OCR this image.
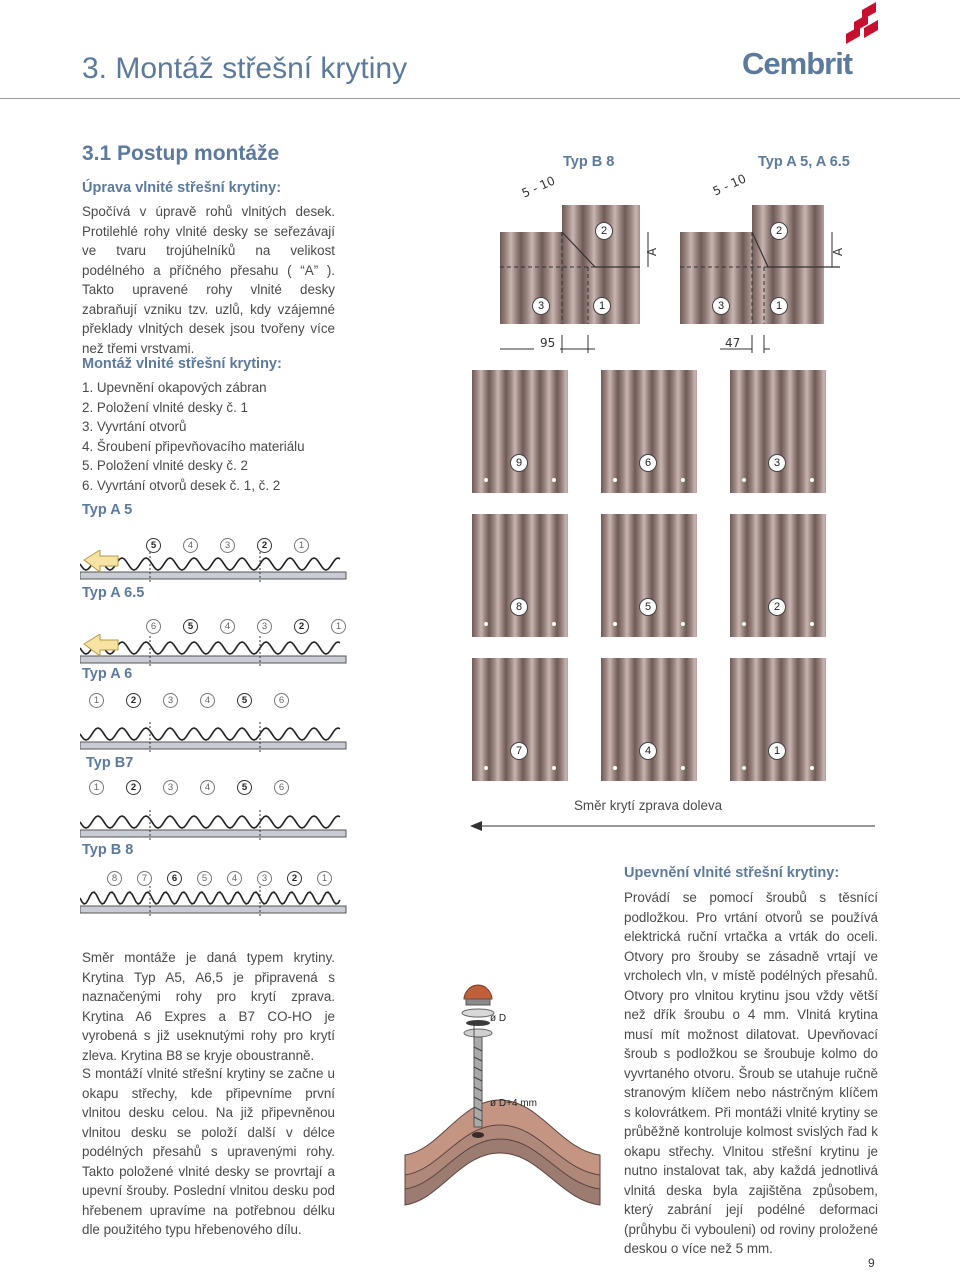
3. Montáž střešní krytiny	Cembrit
3.1 Postup montáže
Úprava vlnité střešní krytiny:
Spočívá v úpravě rohů vlnitých desek. Protilehlé rohy vlnité desky se seřezávají ve tvaru trojúhelníků na velikost podélného a příčného přesahu ( “A” ). Takto upravené rohy vlnité desky zabraňují vzniku tzv. uzlů, kdy vzájemné překlady vlnitých desek jsou tvořeny více než třemi vrstvami.
Montáž vlnité střešní krytiny:
1. Upevnění okapových zábran
2. Položení vlnité desky č. 1
3. Vyvrtání otvorů
4. Šroubení připevňovacího materiálu
5. Položení vlnité desky č. 2
6. Vyvrtání otvorů desek č. 1, č. 2
Typ A 5
5	4	3	2	1
Typ A 6.5
6	5	4	3	2	1
Typ A 6
1	2	3	4	5	6
Typ B7
1	2	3	4	5	6
Typ B 8
8	7	6	5	4	3	2	1
Typ B 8	Typ A 5, A 6.5
5 - 10
A
3	1
2
95
5 - 10
A
3	1
2
47
9	6	3
8	5	2
7	4	1
Směr krytí zprava doleva
Směr montáže je daná typem krytiny. Krytina Typ A5, A6,5 je připravená s naznačenými rohy pro krytí zprava. Krytina A6 Expres a B7 CO-HO je vyrobená s již useknutými rohy pro krytí zleva. Krytina B8 se kryje oboustranně.
S montáží vlnité střešní krytiny se začne u okapu střechy, kde připevníme první vlnitou desku celou. Na již připevněnou vlnitou desku se položí další v délce podélných přesahů s upravenými rohy. Takto položené vlnité desky se provrtají a upevní šrouby. Poslední vlnitou desku pod hřebenem upravíme na potřebnou délku dle použitého typu hřebenového dílu.
ø D
ø D+4 mm
Upevnění vlnité střešní krytiny:
Provádí se pomocí šroubů s těsnící podložkou. Pro vrtání otvorů se používá elektrická ruční vrtačka a vrták do oceli. Otvory pro šrouby se zásadně vrtají ve vrcholech vln, v místě podélných přesahů. Otvory pro vlnitou krytinu jsou vždy větší než dřík šroubu o 4 mm. Vlnitá krytina musí mít možnost dilatovat. Upevňovací šroub s podložkou se šroubuje kolmo do vyvrtaného otvoru. Šroub se utahuje ručně stranovým klíčem nebo nástrčným klíčem s kolovrátkem. Při montáži vlnité krytiny se průběžně kontroluje kolmost svislých řad k okapu střechy. Vlnitou střešní krytinu je nutno instalovat tak, aby každá jednotlivá vlnitá deska byla zajištěna způsobem, který zabrání její podélné deformaci (průhybu či vybouleni) od roviny proložené deskou o více než 5 mm.
9
